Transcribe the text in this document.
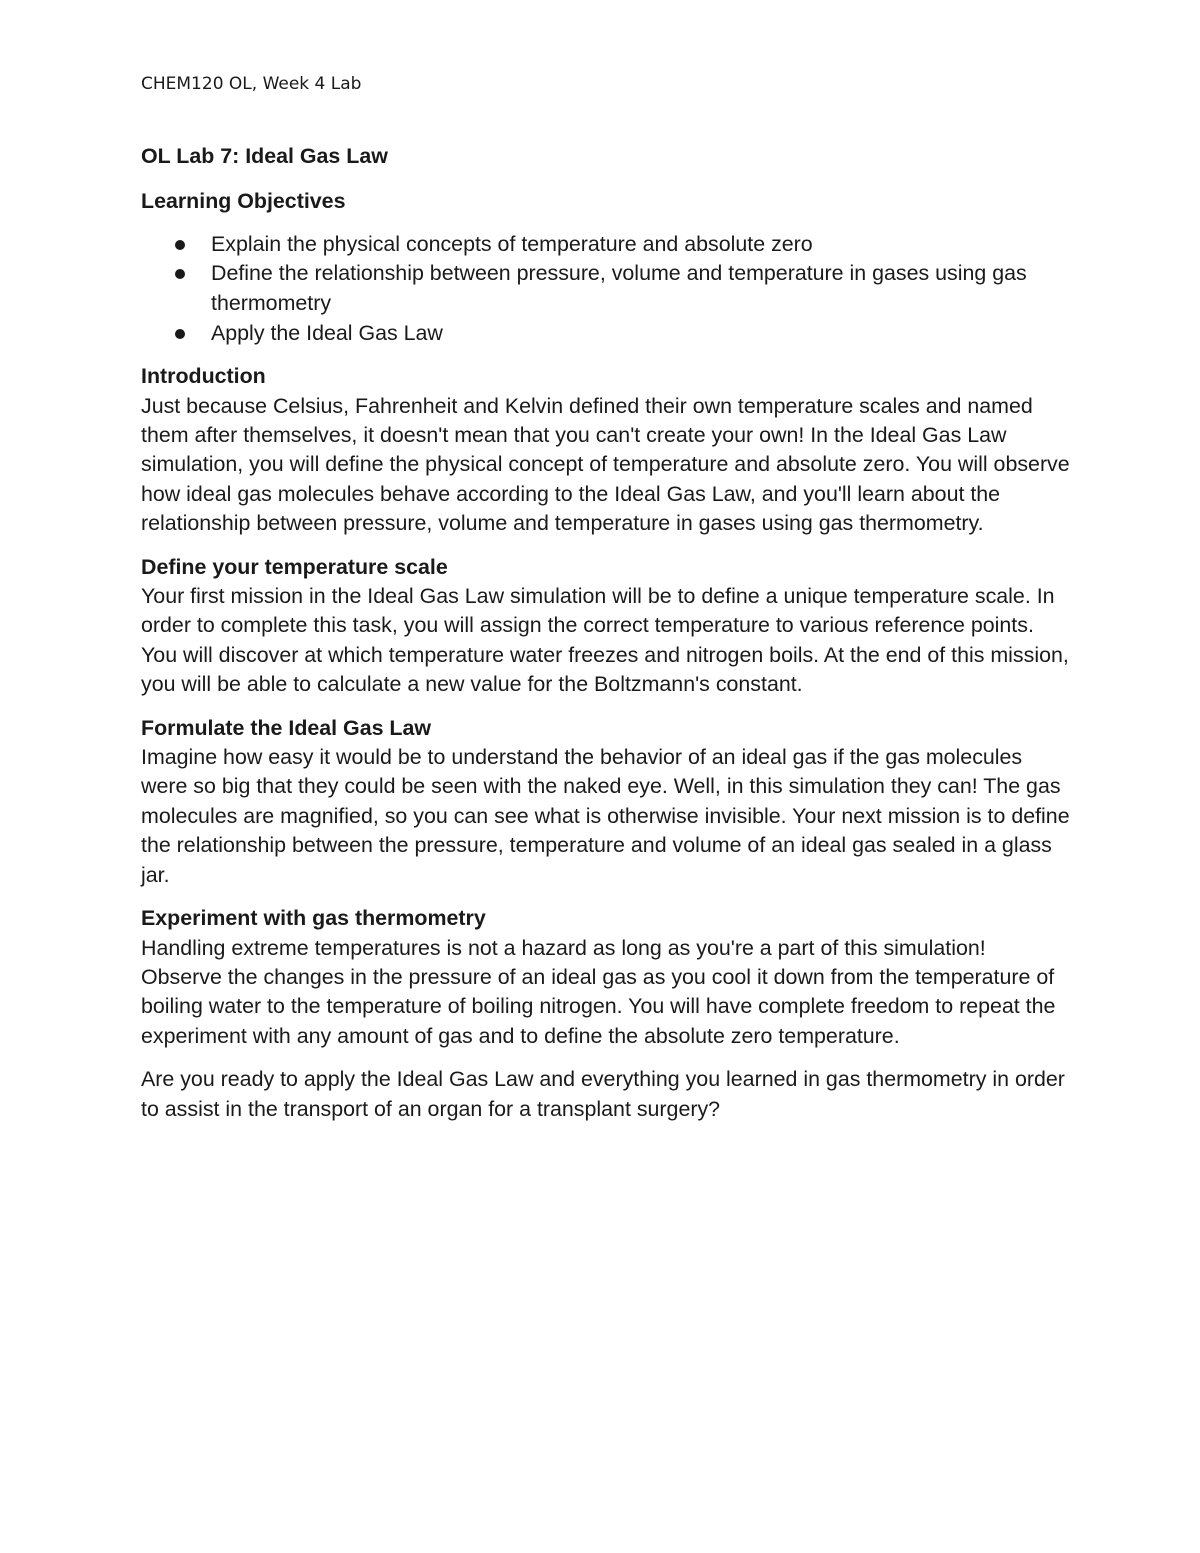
CHEM120 OL, Week 4 Lab
OL Lab 7: Ideal Gas Law
Learning Objectives
Explain the physical concepts of temperature and absolute zero
Define the relationship between pressure, volume and temperature in gases using gas thermometry
Apply the Ideal Gas Law
Introduction
Just because Celsius, Fahrenheit and Kelvin defined their own temperature scales and named them after themselves, it doesn't mean that you can't create your own! In the Ideal Gas Law simulation, you will define the physical concept of temperature and absolute zero. You will observe how ideal gas molecules behave according to the Ideal Gas Law, and you'll learn about the relationship between pressure, volume and temperature in gases using gas thermometry.
Define your temperature scale
Your first mission in the Ideal Gas Law simulation will be to define a unique temperature scale. In order to complete this task, you will assign the correct temperature to various reference points. You will discover at which temperature water freezes and nitrogen boils. At the end of this mission, you will be able to calculate a new value for the Boltzmann's constant.
Formulate the Ideal Gas Law
Imagine how easy it would be to understand the behavior of an ideal gas if the gas molecules were so big that they could be seen with the naked eye. Well, in this simulation they can! The gas molecules are magnified, so you can see what is otherwise invisible. Your next mission is to define the relationship between the pressure, temperature and volume of an ideal gas sealed in a glass jar.
Experiment with gas thermometry
Handling extreme temperatures is not a hazard as long as you're a part of this simulation! Observe the changes in the pressure of an ideal gas as you cool it down from the temperature of boiling water to the temperature of boiling nitrogen. You will have complete freedom to repeat the experiment with any amount of gas and to define the absolute zero temperature.
Are you ready to apply the Ideal Gas Law and everything you learned in gas thermometry in order to assist in the transport of an organ for a transplant surgery?
